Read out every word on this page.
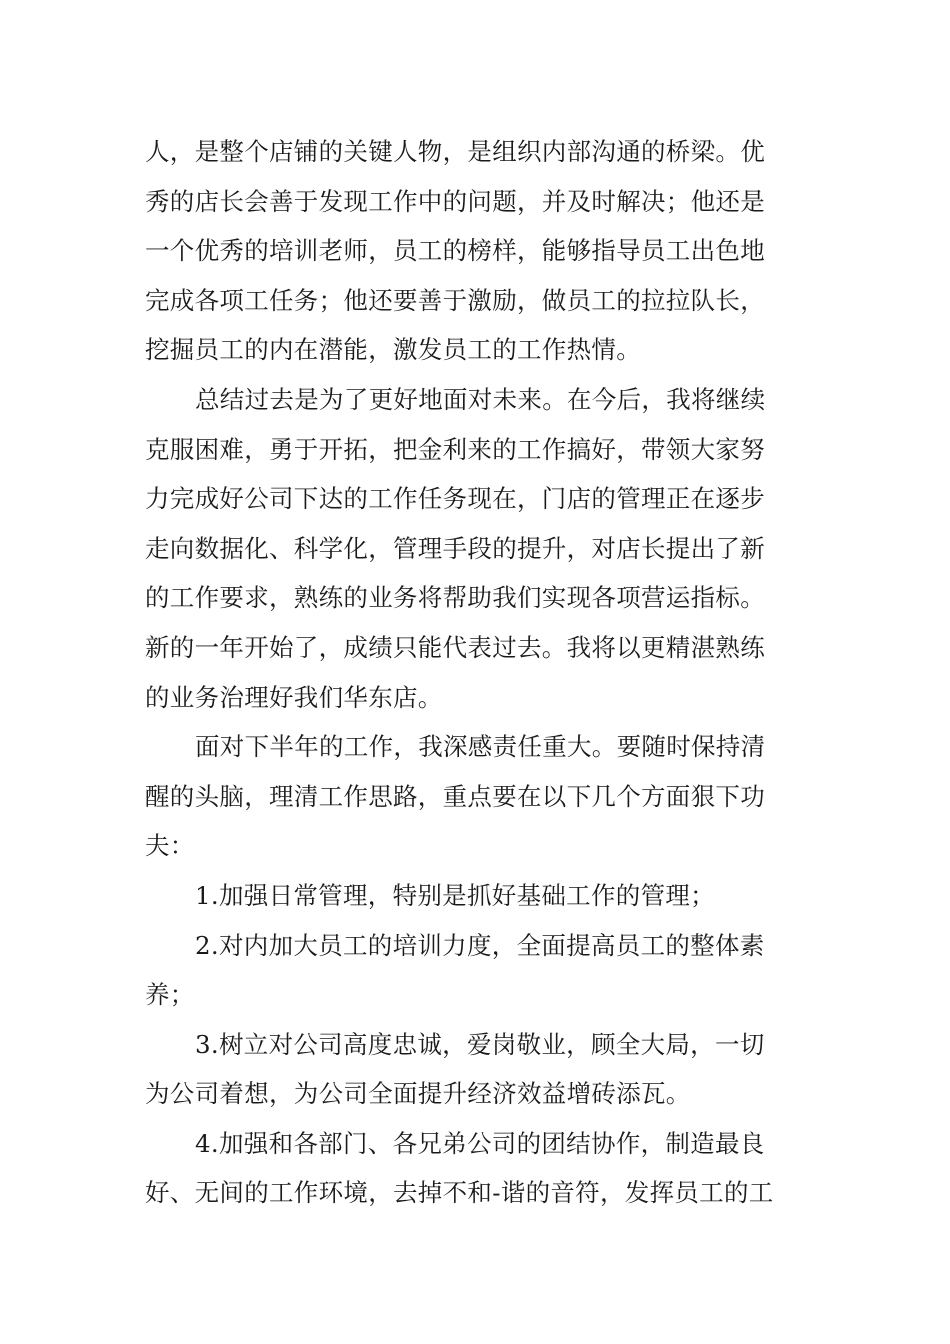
人，是整个店铺的关键人物，是组织内部沟通的桥梁。优
秀的店长会善于发现工作中的问题，并及时解决；他还是
一个优秀的培训老师，员工的榜样，能够指导员工出色地
完成各项工任务；他还要善于激励，做员工的拉拉队长，
挖掘员工的内在潜能，激发员工的工作热情。
总结过去是为了更好地面对未来。在今后，我将继续
克服困难，勇于开拓，把金利来的工作搞好，带领大家努
力完成好公司下达的工作任务现在，门店的管理正在逐步
走向数据化、科学化，管理手段的提升，对店长提出了新
的工作要求，熟练的业务将帮助我们实现各项营运指标。
新的一年开始了，成绩只能代表过去。我将以更精湛熟练
的业务治理好我们华东店。
面对下半年的工作，我深感责任重大。要随时保持清
醒的头脑，理清工作思路，重点要在以下几个方面狠下功
夫：
1.加强日常管理，特别是抓好基础工作的管理；
2.对内加大员工的培训力度，全面提高员工的整体素
养；
3.树立对公司高度忠诚，爱岗敬业，顾全大局，一切
为公司着想，为公司全面提升经济效益增砖添瓦。
4.加强和各部门、各兄弟公司的团结协作，制造最良
好、无间的工作环境，去掉不和-谐的音符，发挥员工的工
